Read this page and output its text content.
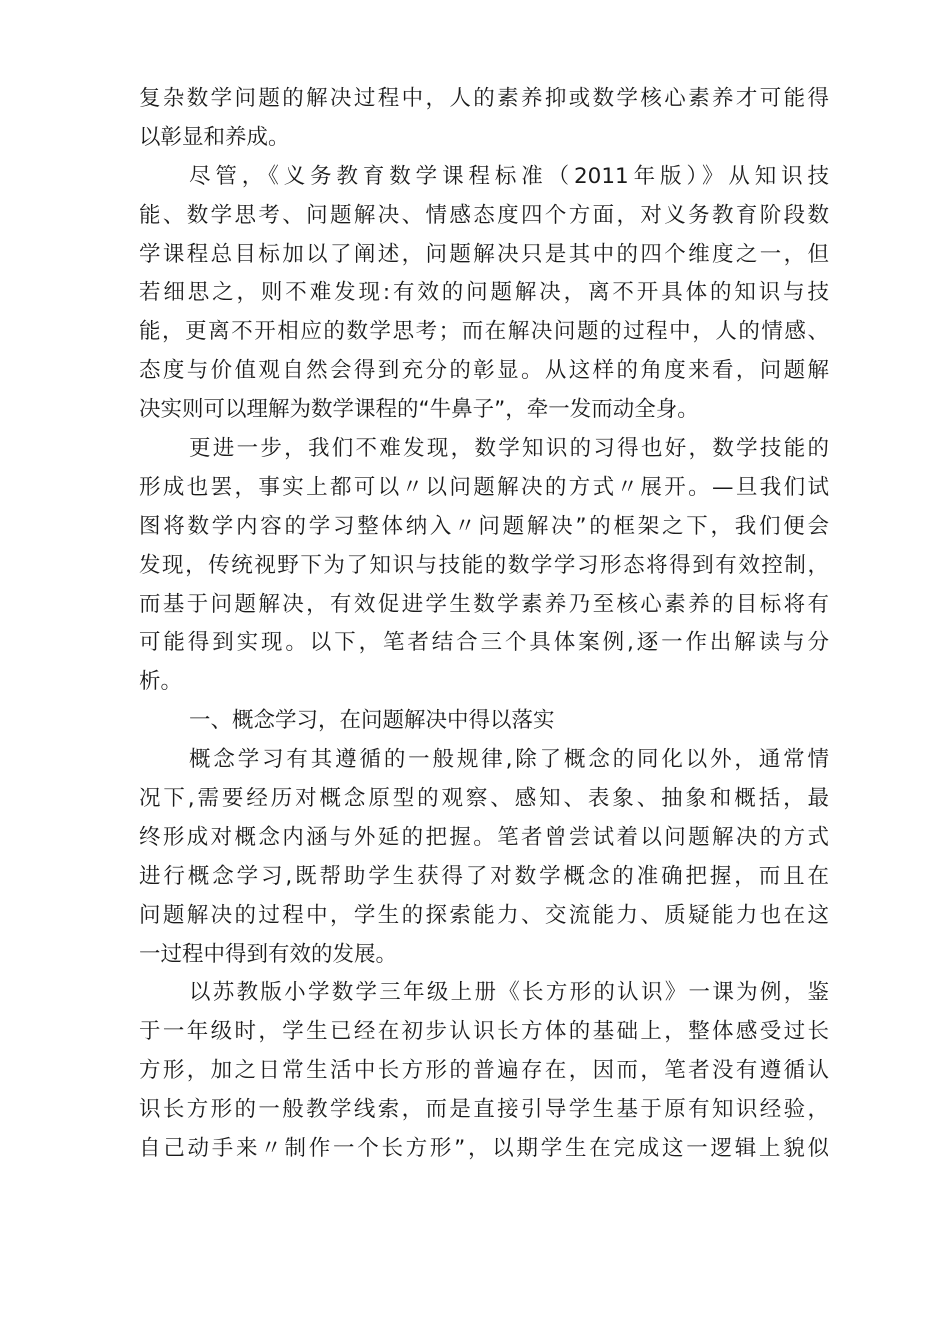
复杂数学问题的解决过程中，人的素养抑或数学核心素养才可能得
以彰显和养成。
尽管，《义务教育数学课程标准（2011年版）》从知识技
能、数学思考、问题解决、情感态度四个方面，对义务教育阶段数
学课程总目标加以了阐述，问题解决只是其中的四个维度之一，但
若细思之，则不难发现:有效的问题解决，离不开具体的知识与技
能，更离不开相应的数学思考；而在解决问题的过程中，人的情感、
态度与价值观自然会得到充分的彰显。从这样的角度来看，问题解
决实则可以理解为数学课程的“牛鼻子”，牵一发而动全身。
更进一步，我们不难发现，数学知识的习得也好，数学技能的
形成也罢，事实上都可以〃以问题解决的方式〃展开。—旦我们试
图将数学内容的学习整体纳入〃问题解决”的框架之下，我们便会
发现，传统视野下为了知识与技能的数学学习形态将得到有效控制，
而基于问题解决，有效促进学生数学素养乃至核心素养的目标将有
可能得到实现。以下，笔者结合三个具体案例,逐一作出解读与分
析。
一、概念学习，在问题解决中得以落实
概念学习有其遵循的一般规律,除了概念的同化以外，通常情
况下,需要经历对概念原型的观察、感知、表象、抽象和概括，最
终形成对概念内涵与外延的把握。笔者曾尝试着以问题解决的方式
进行概念学习,既帮助学生获得了对数学概念的准确把握，而且在
问题解决的过程中，学生的探索能力、交流能力、质疑能力也在这
一过程中得到有效的发展。
以苏教版小学数学三年级上册《长方形的认识》一课为例，鉴
于一年级时，学生已经在初步认识长方体的基础上，整体感受过长
方形，加之日常生活中长方形的普遍存在，因而，笔者没有遵循认
识长方形的一般教学线索，而是直接引导学生基于原有知识经验，
自己动手来〃制作一个长方形”，以期学生在完成这一逻辑上貌似
